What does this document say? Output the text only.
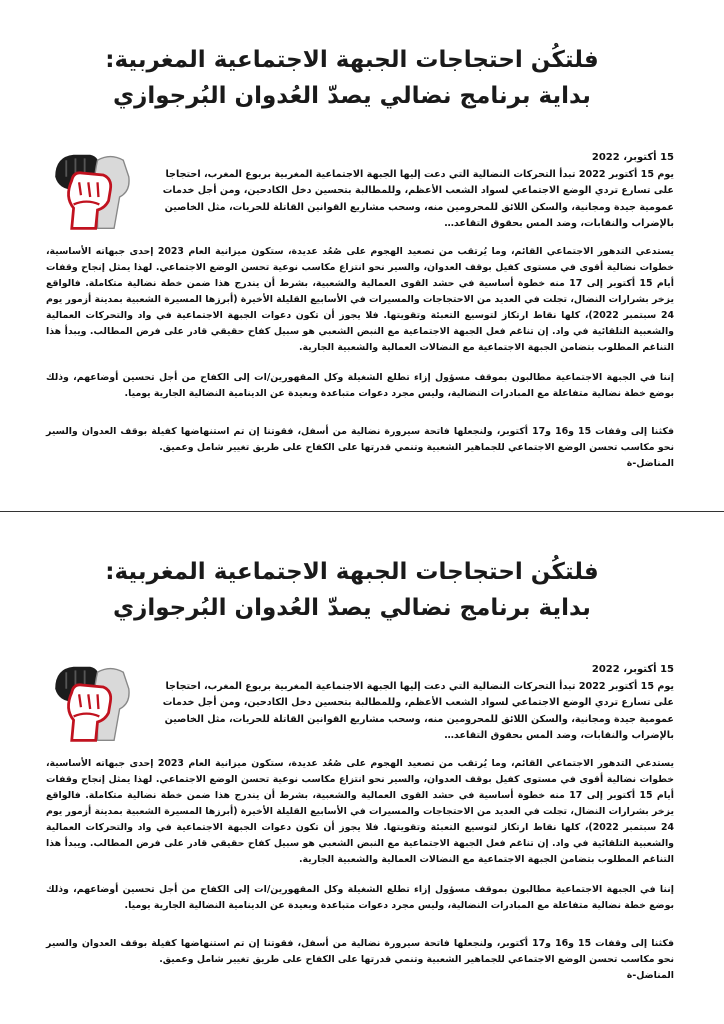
فلتكُن احتجاجات الجبهة الاجتماعية المغربية:
بداية برنامج نضالي يصدّ العُدوان البُرجوازي
15 أكتوبر، 2022
يوم 15 أكتوبر 2022 تبدأ التحركات النضالية التي دعت إليها الجبهة الاجتماعية المغربية بربوع المغرب، احتجاجا على تسارع تردي الوضع الاجتماعي لسواد الشعب الأعظم، وللمطالبة بتحسين دخل الكادحين، ومن أجل خدمات عمومية جيدة ومجانية، والسكن اللائق للمحرومين منه، وسحب مشاريع القوانين القاتلة للحريات، مثل الخاصين بالإضراب والنقابات، وضد المس بحقوق التقاعد…
يستدعي التدهور الاجتماعي القائم، وما يُرتقب من تصعيد الهجوم على صُعُد عديدة، ستكون ميزانية العام 2023 إحدى جبهاته الأساسية، خطوات نضالية أقوى في مستوى كفيل بوقف العدوان، والسير نحو انتزاع مكاسب نوعية تحسن الوضع الاجتماعي. لهذا يمثل إنجاح وقفات أيام 15 أكتوبر إلى 17 منه خطوة أساسية في حشد القوى العمالية والشعبية، بشرط أن يندرج هذا ضمن خطة نضالية متكاملة. فالواقع يزخر بشرارات النضال، تجلت في العديد من الاحتجاجات والمسيرات في الأسابيع القليلة الأخيرة (أبرزها المسيرة الشعبية بمدينة أزمور يوم 24 سبتمبر 2022)، كلها نقاط ارتكاز لتوسيع التعبئة وتقويتها. فلا يجوز أن تكون دعوات الجبهة الاجتماعية في واد والتحركات العمالية والشعبية التلقائية في واد. إن تناغم فعل الجبهة الاجتماعية مع النبض الشعبي هو سبيل كفاح حقيقي قادر على فرض المطالب. ويبدأ هذا التناغم المطلوب بتضامن الجبهة الاجتماعية مع النضالات العمالية والشعبية الجارية.
إننا في الجبهة الاجتماعية مطالبون بموقف مسؤول إزاء تطلع الشغيلة وكل المقهورين/ات إلى الكفاح من أجل تحسين أوضاعهم، وذلك بوضع خطة نضالية متفاعلة مع المبادرات النضالية، وليس مجرد دعوات متباعدة وبعيدة عن الدينامية النضالية الجارية يوميا.
فكثنا إلى وقفات 15 و16 و17 أكتوبر، ولنجعلها فاتحة سيرورة نضالية من أسفل، فقوتنا إن تم استنهاضها كفيلة بوقف العدوان والسير نحو مكاسب تحسن الوضع الاجتماعي للجماهير الشعبية وتنمي قدرتها على الكفاح على طريق تغيير شامل وعميق.
المناضل-ة
فلتكُن احتجاجات الجبهة الاجتماعية المغربية:
بداية برنامج نضالي يصدّ العُدوان البُرجوازي
15 أكتوبر، 2022
يوم 15 أكتوبر 2022 تبدأ التحركات النضالية التي دعت إليها الجبهة الاجتماعية المغربية بربوع المغرب، احتجاجا على تسارع تردي الوضع الاجتماعي لسواد الشعب الأعظم، وللمطالبة بتحسين دخل الكادحين، ومن أجل خدمات عمومية جيدة ومجانية، والسكن اللائق للمحرومين منه، وسحب مشاريع القوانين القاتلة للحريات، مثل الخاصين بالإضراب والنقابات، وضد المس بحقوق التقاعد…
يستدعي التدهور الاجتماعي القائم، وما يُرتقب من تصعيد الهجوم على صُعُد عديدة، ستكون ميزانية العام 2023 إحدى جبهاته الأساسية، خطوات نضالية أقوى في مستوى كفيل بوقف العدوان، والسير نحو انتزاع مكاسب نوعية تحسن الوضع الاجتماعي. لهذا يمثل إنجاح وقفات أيام 15 أكتوبر إلى 17 منه خطوة أساسية في حشد القوى العمالية والشعبية، بشرط أن يندرج هذا ضمن خطة نضالية متكاملة. فالواقع يزخر بشرارات النضال، تجلت في العديد من الاحتجاجات والمسيرات في الأسابيع القليلة الأخيرة (أبرزها المسيرة الشعبية بمدينة أزمور يوم 24 سبتمبر 2022)، كلها نقاط ارتكاز لتوسيع التعبئة وتقويتها. فلا يجوز أن تكون دعوات الجبهة الاجتماعية في واد والتحركات العمالية والشعبية التلقائية في واد. إن تناغم فعل الجبهة الاجتماعية مع النبض الشعبي هو سبيل كفاح حقيقي قادر على فرض المطالب. ويبدأ هذا التناغم المطلوب بتضامن الجبهة الاجتماعية مع النضالات العمالية والشعبية الجارية.
إننا في الجبهة الاجتماعية مطالبون بموقف مسؤول إزاء تطلع الشغيلة وكل المقهورين/ات إلى الكفاح من أجل تحسين أوضاعهم، وذلك بوضع خطة نضالية متفاعلة مع المبادرات النضالية، وليس مجرد دعوات متباعدة وبعيدة عن الدينامية النضالية الجارية يوميا.
فكثنا إلى وقفات 15 و16 و17 أكتوبر، ولنجعلها فاتحة سيرورة نضالية من أسفل، فقوتنا إن تم استنهاضها كفيلة بوقف العدوان والسير نحو مكاسب تحسن الوضع الاجتماعي للجماهير الشعبية وتنمي قدرتها على الكفاح على طريق تغيير شامل وعميق.
المناضل-ة
